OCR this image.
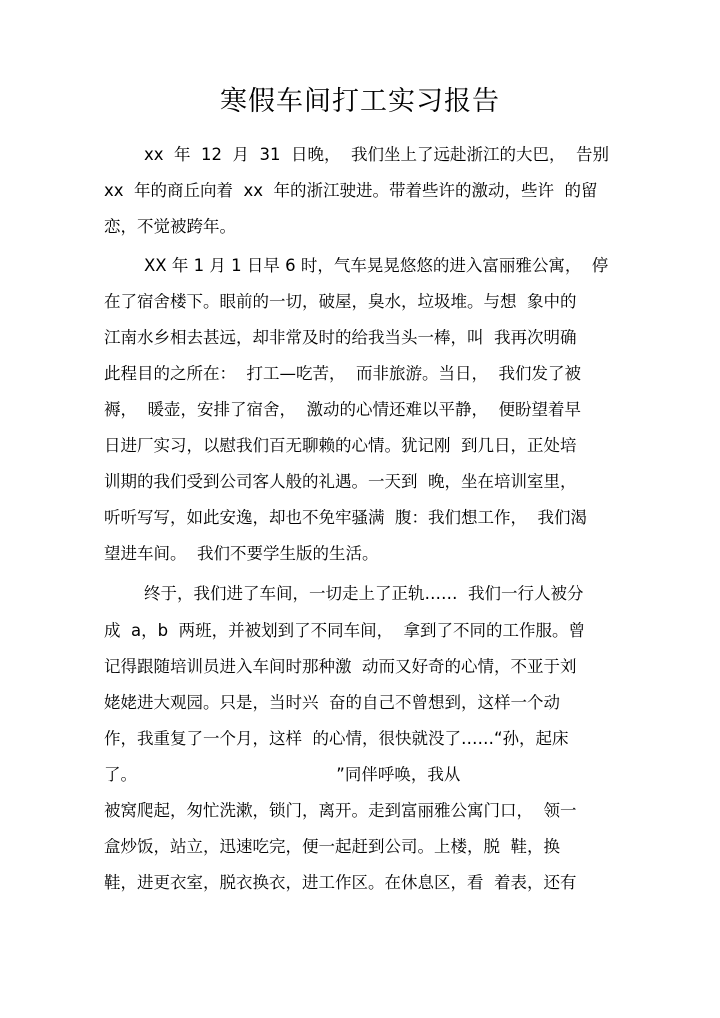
寒假车间打工实习报告
xx  年  12  月  31  日晚，  我们坐上了远赴浙江的大巴，  告别
xx  年的商丘向着  xx  年的浙江驶进。带着些许的激动，些许  的留
恋，不觉被跨年。
XX 年 1 月 1 日早 6 时，气车晃晃悠悠的进入富丽雅公寓，  停
在了宿舍楼下。眼前的一切，破屋，臭水，垃圾堆。与想  象中的
江南水乡相去甚远，却非常及时的给我当头一棒，叫  我再次明确
此程目的之所在：  打工—吃苦，  而非旅游。当日，  我们发了被
褥，  暖壶，安排了宿舍，  激动的心情还难以平静，  便盼望着早
日进厂实习，以慰我们百无聊赖的心情。犹记刚  到几日，正处培
训期的我们受到公司客人般的礼遇。一天到  晚，坐在培训室里，
听听写写，如此安逸，却也不免牢骚满  腹：我们想工作，  我们渴
望进车间。  我们不要学生版的生活。
终于，我们进了车间，一切走上了正轨……  我们一行人被分
成  a，b  两班，并被划到了不同车间，  拿到了不同的工作服。曾
记得跟随培训员进入车间时那种激  动而又好奇的心情，不亚于刘
姥姥进大观园。只是，当时兴  奋的自己不曾想到，这样一个动
作，我重复了一个月，这样  的心情，很快就没了……“孙，起床
了。                                      ”同伴呼唤，我从
被窝爬起，匆忙洗漱，锁门，离开。走到富丽雅公寓门口，  领一
盒炒饭，站立，迅速吃完，便一起赶到公司。上楼，脱  鞋，换
鞋，进更衣室，脱衣换衣，进工作区。在休息区，看  着表，还有
